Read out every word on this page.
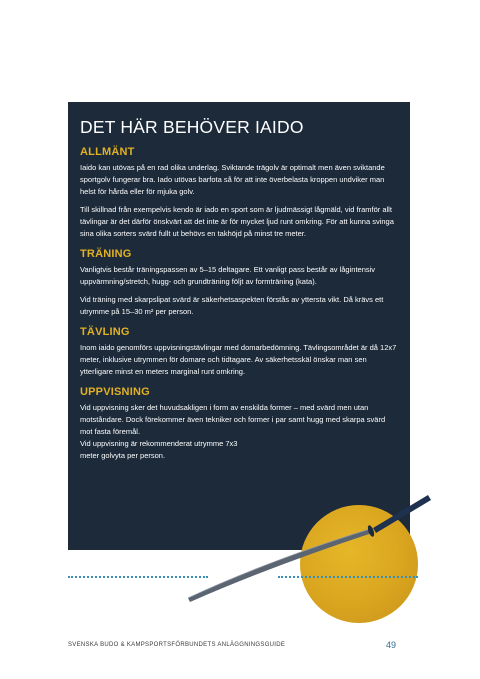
DET HÄR BEHÖVER IAIDO
ALLMÄNT

Iaido kan utövas på en rad olika underlag. Sviktande trägolv är optimalt men även sviktande sportgolv fungerar bra. Iado utövas barfota så för att inte överbelasta kroppen undviker man helst för hårda eller för mjuka golv.

Till skillnad från exempelvis kendo är iado en sport som är ljudmässigt lågmäld, vid framför allt tävlingar är det därför önskvärt att det inte är för mycket ljud runt omkring. För att kunna svinga sina olika sorters svärd fullt ut behövs en takhöjd på minst tre meter.

TRÄNING

Vanligtvis består träningspassen av 5–15 deltagare. Ett vanligt pass består av lågintensiv uppvärmning/stretch, hugg- och grundträning följt av formträning (kata).

Vid träning med skarpslipat svärd är säkerhetsaspekten förstås av yttersta vikt. Då krävs ett utrymme på 15–30 m² per person.

TÄVLING

Inom iaido genomförs uppvisningstävlingar med domarbedömning. Tävlingsområdet är då 12x7 meter, inklusive utrymmen för domare och tidtagare. Av säkerhetsskäl önskar man sen ytterligare minst en meters marginal runt omkring.

UPPVISNING

Vid uppvisning sker det huvudsakligen i form av enskilda former – med svärd men utan motståndare. Dock förekommer även tekniker och former i par samt hugg med skarpa svärd mot fasta föremål.
Vid uppvisning är rekommenderat utrymme 7x3
meter golvyta per person.

SVENSKA BUDO & KAMPSPORTSFÖRBUNDETS ANLÄGGNINGSGUIDE	49
